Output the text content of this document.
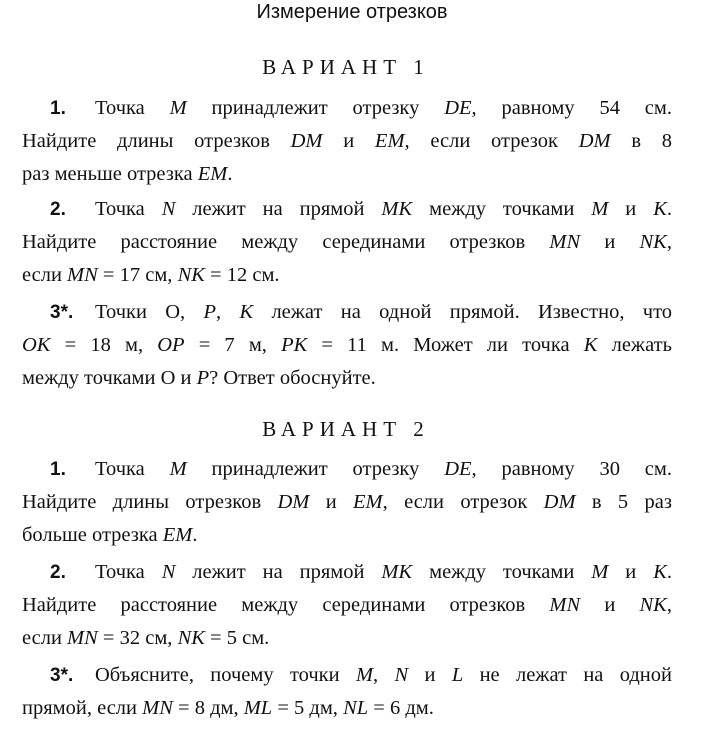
Измерение отрезков
ВАРИАНТ 1
1. Точка M принадлежит отрезку DE, равному 54 см.
Найдите длины отрезков DM и EM, если отрезок DM в 8
раз меньше отрезка EM.
2. Точка N лежит на прямой MK между точками M и K.
Найдите расстояние между серединами отрезков MN и NK,
если MN = 17 см, NK = 12 см.
3*. Точки О, P, K лежат на одной прямой. Известно, что
OK = 18 м, OP = 7 м, PK = 11 м. Может ли точка K лежать
между точками О и P? Ответ обоснуйте.
ВАРИАНТ 2
1. Точка M принадлежит отрезку DE, равному 30 см.
Найдите длины отрезков DM и EM, если отрезок DM в 5 раз
больше отрезка EM.
2. Точка N лежит на прямой MK между точками M и K.
Найдите расстояние между серединами отрезков MN и NK,
если MN = 32 см, NK = 5 см.
3*. Объясните, почему точки M, N и L не лежат на одной
прямой, если MN = 8 дм, ML = 5 дм, NL = 6 дм.
